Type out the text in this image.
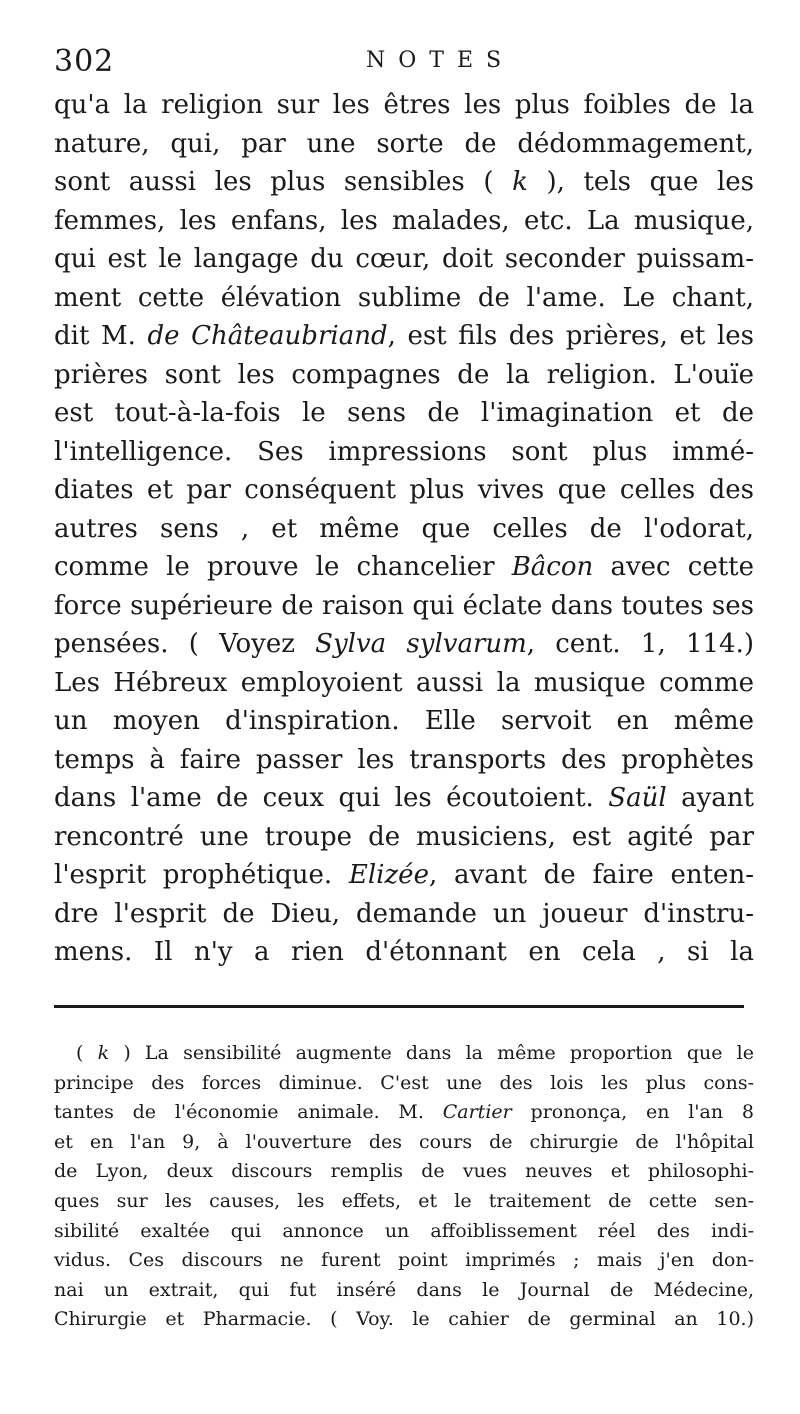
302	NOTES
qu'a la religion sur les êtres les plus foibles de la
nature, qui, par une sorte de dédommagement,
sont aussi les plus sensibles ( k ), tels que les
femmes, les enfans, les malades, etc. La musique,
qui est le langage du cœur, doit seconder puissam-
ment cette élévation sublime de l'ame. Le chant,
dit M. de Châteaubriand, est fils des prières, et les
prières sont les compagnes de la religion. L'ouïe
est tout-à-la-fois le sens de l'imagination et de
l'intelligence. Ses impressions sont plus immé-
diates et par conséquent plus vives que celles des
autres sens , et même que celles de l'odorat,
comme le prouve le chancelier Bâcon avec cette
force supérieure de raison qui éclate dans toutes ses
pensées. ( Voyez Sylva sylvarum, cent. 1, 114.)
Les Hébreux employoient aussi la musique comme
un moyen d'inspiration. Elle servoit en même
temps à faire passer les transports des prophètes
dans l'ame de ceux qui les écoutoient. Saül ayant
rencontré une troupe de musiciens, est agité par
l'esprit prophétique. Elizée, avant de faire enten-
dre l'esprit de Dieu, demande un joueur d'instru-
mens. Il n'y a rien d'étonnant en cela , si la
( k ) La sensibilité augmente dans la même proportion que le
principe des forces diminue. C'est une des lois les plus cons-
tantes de l'économie animale. M. Cartier prononça, en l'an 8
et en l'an 9, à l'ouverture des cours de chirurgie de l'hôpital
de Lyon, deux discours remplis de vues neuves et philosophi-
ques sur les causes, les effets, et le traitement de cette sen-
sibilité exaltée qui annonce un affoiblissement réel des indi-
vidus. Ces discours ne furent point imprimés ; mais j'en don-
nai un extrait, qui fut inséré dans le Journal de Médecine,
Chirurgie et Pharmacie. ( Voy. le cahier de germinal an 10.)
